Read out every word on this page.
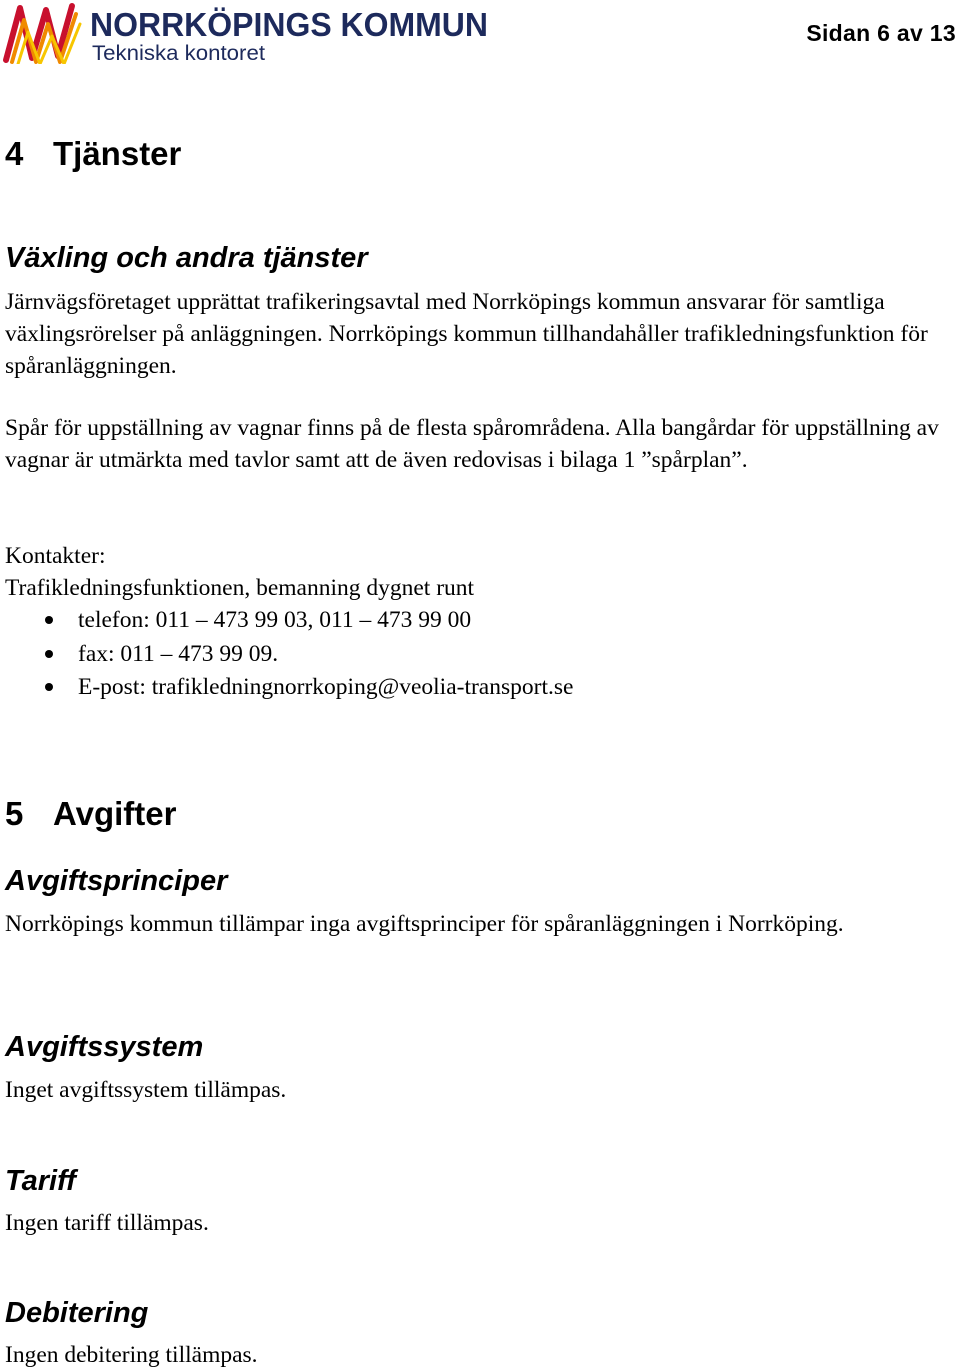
NORRKÖPINGS KOMMUN
Tekniska kontoret
Sidan 6 av 13
4 Tjänster
Växling och andra tjänster
Järnvägsföretaget upprättat trafikeringsavtal med Norrköpings kommun ansvarar för samtliga växlingsrörelser på anläggningen. Norrköpings kommun tillhandahåller trafikledningsfunktion för spåranläggningen.
Spår för uppställning av vagnar finns på de flesta spårområdena. Alla bangårdar för uppställning av vagnar är utmärkta med tavlor samt att de även redovisas i bilaga 1 ”spårplan”.

Kontakter:

Trafikledningsfunktionen, bemanning dygnet runt

telefon: 011 – 473 99 03, 011 – 473 99 00
fax: 011 – 473 99 09.
E-post: trafikledningnorrkoping@veolia-transport.se
5 Avgifter
Avgiftsprinciper
Norrköpings kommun tillämpar inga avgiftsprinciper för spåranläggningen i Norrköping.
Avgiftssystem
Inget avgiftssystem tillämpas.
Tariff
Ingen tariff tillämpas.
Debitering
Ingen debitering tillämpas.
